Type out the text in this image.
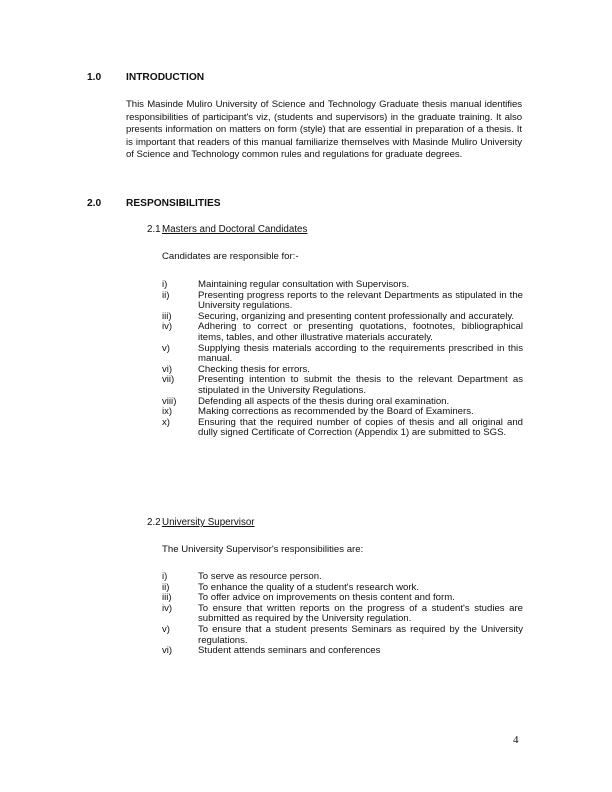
1.0 INTRODUCTION
This Masinde Muliro University of Science and Technology Graduate thesis manual identifies responsibilities of participant's viz, (students and supervisors) in the graduate training. It also presents information on matters on form (style) that are essential in preparation of a thesis. It is important that readers of this manual familiarize themselves with Masinde Muliro University of Science and Technology common rules and regulations for graduate degrees.
2.0 RESPONSIBILITIES
2.1 Masters and Doctoral Candidates
Candidates are responsible for:-
i)	Maintaining regular consultation with Supervisors.
ii)	Presenting progress reports to the relevant Departments as stipulated in the University regulations.
iii)	Securing, organizing and presenting content professionally and accurately.
iv)	Adhering to correct or presenting quotations, footnotes, bibliographical items, tables, and other illustrative materials accurately.
v)	Supplying thesis materials according to the requirements prescribed in this manual.
vi)	Checking thesis for errors.
vii) Presenting intention to submit the thesis to the relevant Department as stipulated in the University Regulations.
viii) Defending all aspects of the thesis during oral examination.
ix)	Making corrections as recommended by the Board of Examiners.
x)	Ensuring that the required number of copies of thesis and all original and dully signed Certificate of Correction (Appendix 1) are submitted to SGS.
2.2 University Supervisor
The University Supervisor's responsibilities are:
i)	To serve as resource person.
ii)	To enhance the quality of a student's research work.
iii)	To offer advice on improvements on thesis content and form.
iv)	To ensure that written reports on the progress of a student's studies are submitted as required by the University regulation.
v)	To ensure that a student presents Seminars as required by the University regulations.
vi)	Student attends seminars and conferences
4
